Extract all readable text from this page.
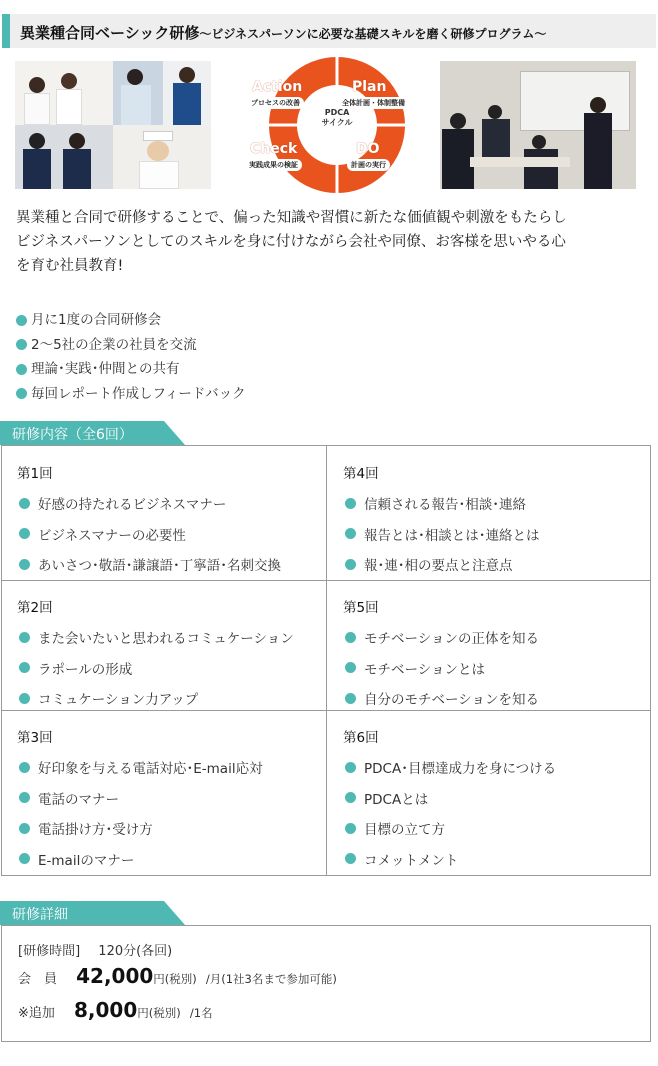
異業種合同ベーシック研修〜ビジネスパーソンに必要な基礎スキルを磨く研修プログラム〜
Action
プロセスの改善
Plan
全体計画・体制整備
Check
実践成果の検証
DO
計画の実行
PDCA
サイクル
異業種と合同で研修することで、偏った知識や習慣に新たな価値観や刺激をもたらし
ビジネスパーソンとしてのスキルを身に付けながら会社や同僚、お客様を思いやる心
を育む社員教育!
月に1度の合同研修会
2〜5社の企業の社員を交流
理論･実践･仲間との共有
毎回レポート作成しフィードバック
研修内容（全6回）
第1回
好感の持たれるビジネスマナー
ビジネスマナーの必要性
あいさつ･敬語･謙譲語･丁寧語･名刺交換
第4回
信頼される報告･相談･連絡
報告とは･相談とは･連絡とは
報･連･相の要点と注意点
第2回
また会いたいと思われるコミュケーション
ラポールの形成
コミュケーション力アップ
第5回
モチベーションの正体を知る
モチベーションとは
自分のモチベーションを知る
第3回
好印象を与える電話対応･E-mail応対
電話のマナー
電話掛け方･受け方
E-mailのマナー
第6回
PDCA･目標達成力を身につける
PDCAとは
目標の立て方
コメットメント
研修詳細
[研修時間] 120分(各回)
会　員 42,000円(税別) /月(1社3名まで参加可能)
※追加 8,000円(税別) /1名
